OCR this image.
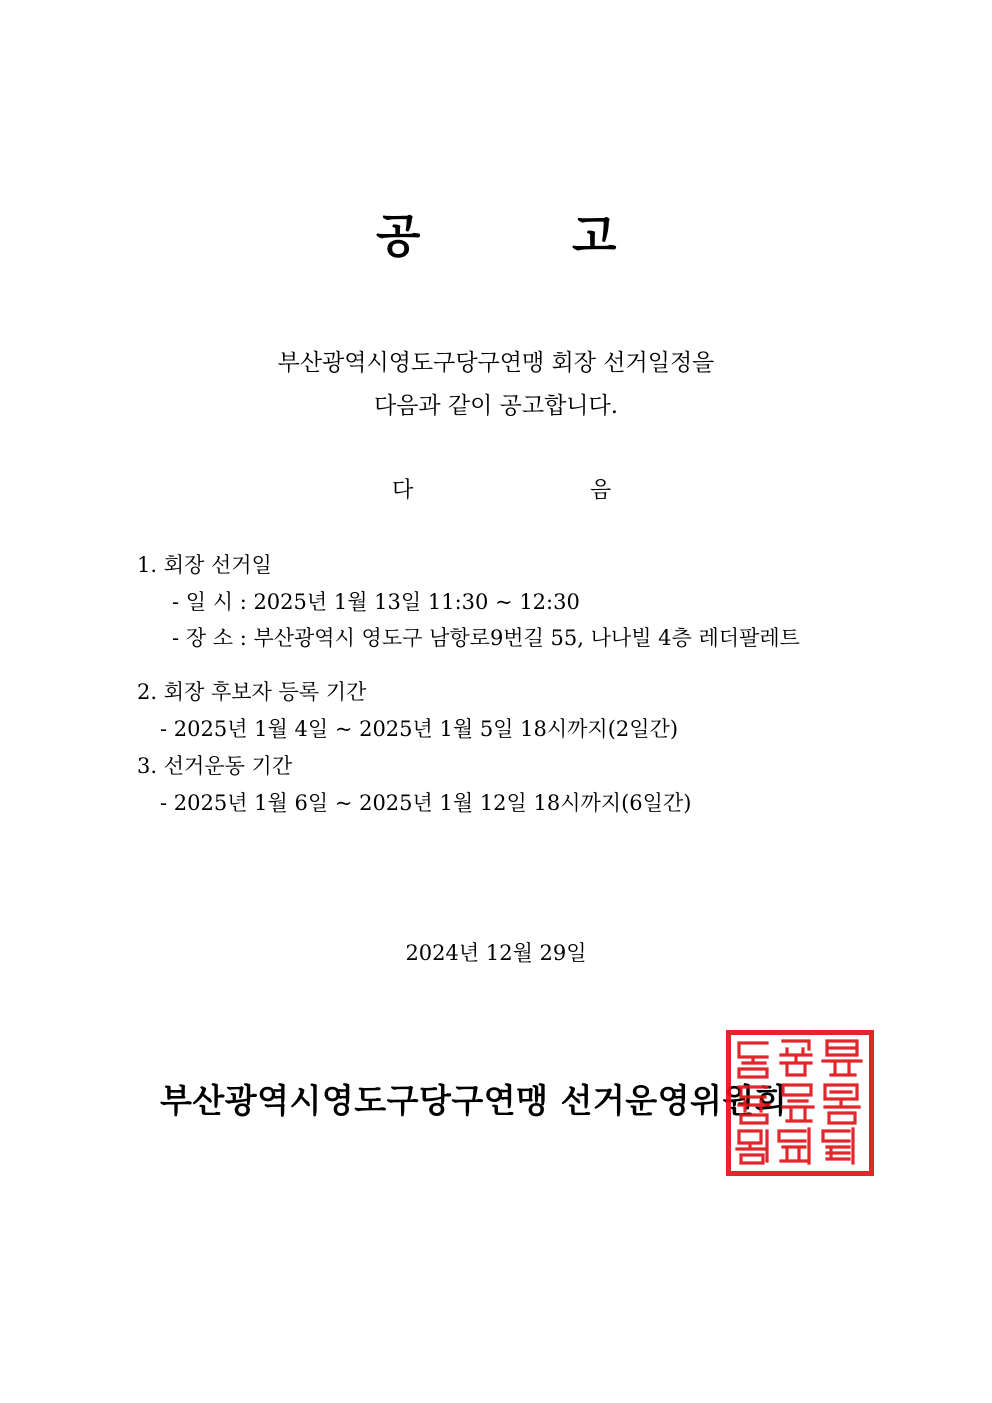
공	고
부산광역시영도구당구연맹 회장 선거일정을
다음과 같이 공고합니다.
다	음
1. 회장 선거일
- 일 시 : 2025년 1월 13일 11:30 ~ 12:30
- 장 소 : 부산광역시 영도구 남항로9번길 55, 나나빌 4층 레더팔레트
2. 회장 후보자 등록 기간
- 2025년 1월 4일 ~ 2025년 1월 5일 18시까지(2일간)
3. 선거운동 기간
- 2025년 1월 6일 ~ 2025년 1월 12일 18시까지(6일간)
2024년 12월 29일
부산광역시영도구당구연맹 선거운영위원회
